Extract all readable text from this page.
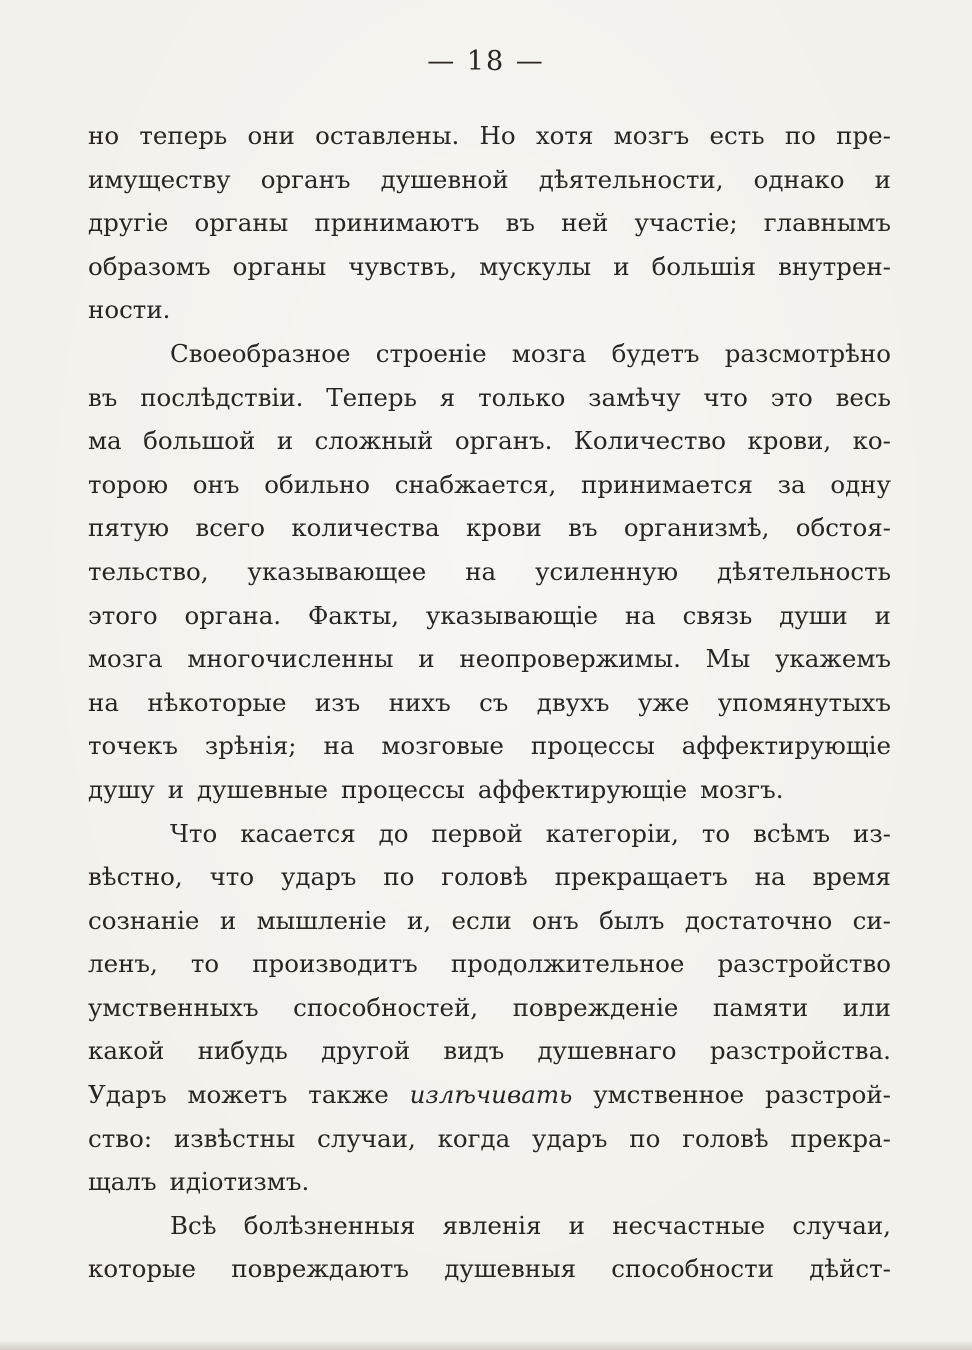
— 18 —
но теперь они оставлены. Но хотя мозгъ есть по пре-
имуществу органъ душевной дѣятельности, однако и
другіе органы принимаютъ въ ней участіе; главнымъ
образомъ органы чувствъ, мускулы и большія внутрен-
ности.
Своеобразное строеніе мозга будетъ разсмотрѣно
въ послѣдствіи. Теперь я только замѣчу что это весь
ма большой и сложный органъ. Количество крови, ко-
торою онъ обильно снабжается, принимается за одну
пятую всего количества крови въ организмѣ, обстоя-
тельство, указывающее на усиленную дѣятельность
этого органа. Факты, указывающіе на связь души и
мозга многочисленны и неопровержимы. Мы укажемъ
на нѣкоторые изъ нихъ съ двухъ уже упомянутыхъ
точекъ зрѣнія; на мозговые процессы аффектирующіе
душу и душевные процессы аффектирующіе мозгъ.
Что касается до первой категоріи, то всѣмъ из-
вѣстно, что ударъ по головѣ прекращаетъ на время
сознаніе и мышленіе и, если онъ былъ достаточно си-
ленъ, то производитъ продолжительное разстройство
умственныхъ способностей, поврежденіе памяти или
какой нибудь другой видъ душевнаго разстройства.
Ударъ можетъ также излѣчивать умственное разстрой-
ство: извѣстны случаи, когда ударъ по головѣ прекра-
щалъ идіотизмъ.
Всѣ болѣзненныя явленія и несчастные случаи,
которые повреждаютъ душевныя способности дѣйст-
